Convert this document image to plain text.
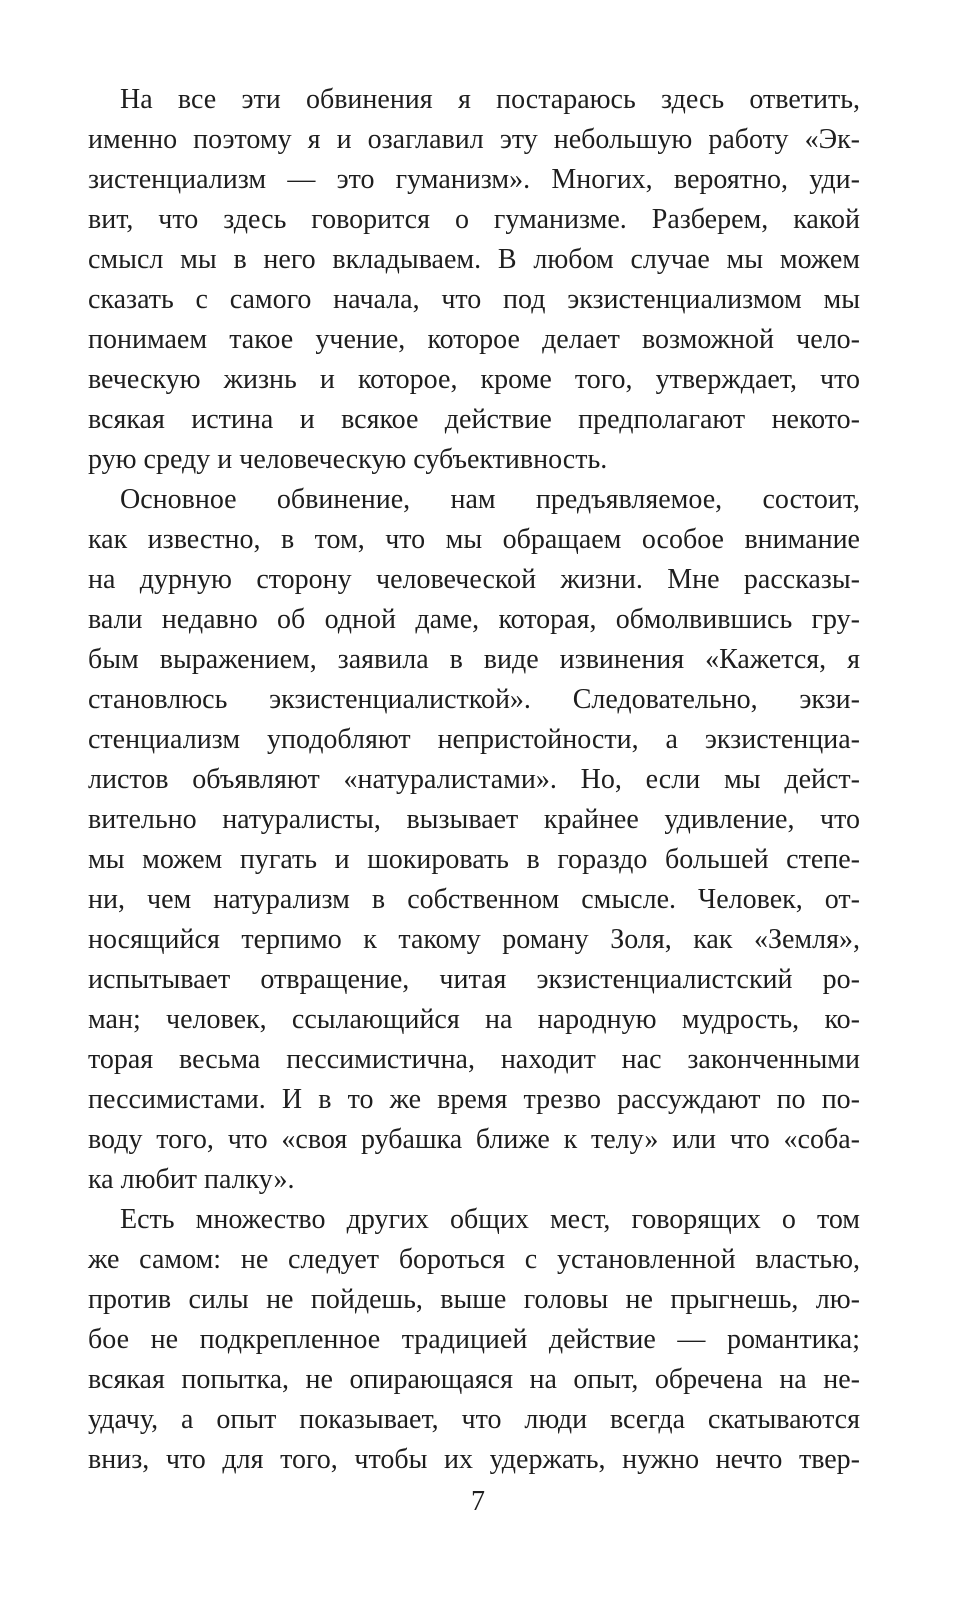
На все эти обвинения я постараюсь здесь ответить,
именно поэтому я и озаглавил эту небольшую работу «Эк-
зистенциализм — это гуманизм». Многих, вероятно, уди-
вит, что здесь говорится о гуманизме. Разберем, какой
смысл мы в него вкладываем. В любом случае мы можем
сказать с самого начала, что под экзистенциализмом мы
понимаем такое учение, которое делает возможной чело-
веческую жизнь и которое, кроме того, утверждает, что
всякая истина и всякое действие предполагают некото-
рую среду и человеческую субъективность.
Основное обвинение, нам предъявляемое, состоит,
как известно, в том, что мы обращаем особое внимание
на дурную сторону человеческой жизни. Мне рассказы-
вали недавно об одной даме, которая, обмолвившись гру-
бым выражением, заявила в виде извинения «Кажется, я
становлюсь экзистенциалисткой». Следовательно, экзи-
стенциализм уподобляют непристойности, а экзистенциа-
листов объявляют «натуралистами». Но, если мы дейст-
вительно натуралисты, вызывает крайнее удивление, что
мы можем пугать и шокировать в гораздо большей степе-
ни, чем натурализм в собственном смысле. Человек, от-
носящийся терпимо к такому роману Золя, как «Земля»,
испытывает отвращение, читая экзистенциалистский ро-
ман; человек, ссылающийся на народную мудрость, ко-
торая весьма пессимистична, находит нас законченными
пессимистами. И в то же время трезво рассуждают по по-
воду того, что «своя рубашка ближе к телу» или что «соба-
ка любит палку».
Есть множество других общих мест, говорящих о том
же самом: не следует бороться с установленной властью,
против силы не пойдешь, выше головы не прыгнешь, лю-
бое не подкрепленное традицией действие — романтика;
всякая попытка, не опирающаяся на опыт, обречена на не-
удачу, а опыт показывает, что люди всегда скатываются
вниз, что для того, чтобы их удержать, нужно нечто твер-
7
